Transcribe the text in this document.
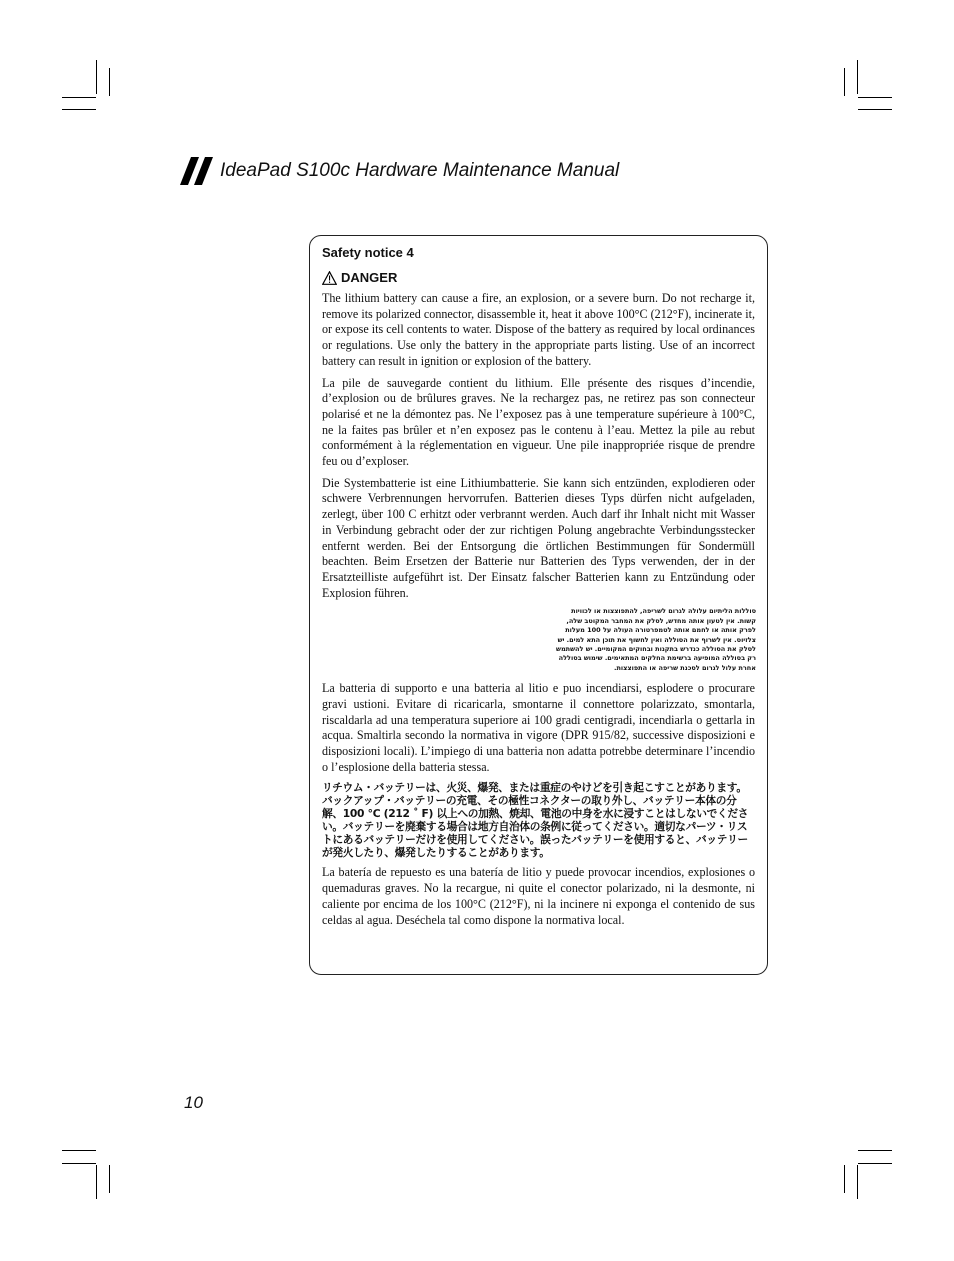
IdeaPad S100c Hardware Maintenance Manual
Safety notice 4
DANGER

The lithium battery can cause a fire, an explosion, or a severe burn. Do not recharge it, remove its polarized connector, disassemble it, heat it above 100°C (212°F), incinerate it, or expose its cell contents to water. Dispose of the battery as required by local ordinances or regulations. Use only the battery in the appropriate parts listing. Use of an incorrect battery can result in ignition or explosion of the battery.

La pile de sauvegarde contient du lithium. Elle présente des risques d’incendie, d’explosion ou de brûlures graves. Ne la rechargez pas, ne retirez pas son connecteur polarisé et ne la démontez pas. Ne l’exposez pas à une temperature supérieure à 100°C, ne la faites pas brûler et n’en exposez pas le contenu à l’eau. Mettez la pile au rebut conformément à la réglementation en vigueur. Une pile inappropriée risque de prendre feu ou d’exploser.

Die Systembatterie ist eine Lithiumbatterie. Sie kann sich entzünden, explodieren oder schwere Verbrennungen hervorrufen. Batterien dieses Typs dürfen nicht aufgeladen, zerlegt, über 100 C erhitzt oder verbrannt werden. Auch darf ihr Inhalt nicht mit Wasser in Verbindung gebracht oder der zur richtigen Polung angebrachte Verbindungsstecker entfernt werden. Bei der Entsorgung die örtlichen Bestimmungen für Sondermüll beachten. Beim Ersetzen der Batterie nur Batterien des Typs verwenden, der in der Ersatzteilliste aufgeführt ist. Der Einsatz falscher Batterien kann zu Entzündung oder Explosion führen.

סוללות הליתיום עלולה לגרום לשריפה, להתפוצצות או לכוויות קשות. אין לטעון אותה מחדש, לסלק את המחבר המקוטב שלה, לפרק אותה או לחמם אותה לטמפרטורה העולה על 100 מעלות צלזיוס. אין לשרוף את הסוללה ואין לחשוף את תוכן התא למים. יש לסלק את הסוללה כנדרש בתקנות ובחוקים המקומיים. יש להשתמש רק בסוללה המופיעה ברשימת החלקים המתאימים. שימוש בסוללה אחרת עלול לגרום לסכנת שריפה או התפוצצות.

La batteria di supporto e una batteria al litio e puo incendiarsi, esplodere o procurare gravi ustioni. Evitare di ricaricarla, smontarne il connettore polarizzato, smontarla, riscaldarla ad una temperatura superiore ai 100 gradi centigradi, incendiarla o gettarla in acqua. Smaltirla secondo la normativa in vigore (DPR 915/82, successive disposizioni e disposizioni locali). L’impiego di una batteria non adatta potrebbe determinare l’incendio o l’esplosione della batteria stessa.

リチウム・バッテリーは、火災、爆発、または重症のやけどを引き起こすことがあります。バックアップ・バッテリーの充電、その極性コネクターの取り外し、バッテリー本体の分解、100 ℃ (212 ˚ F) 以上への加熱、焼却、電池の中身を水に浸すことはしないでください。バッテリーを廃棄する場合は地方自治体の条例に従ってください。適切なパーツ・リストにあるバッテリーだけを使用してください。誤ったバッテリーを使用すると、バッテリーが発火したり、爆発したりすることがあります。

La batería de repuesto es una batería de litio y puede provocar incendios, explosiones o quemaduras graves. No la recargue, ni quite el conector polarizado, ni la desmonte, ni caliente por encima de los 100°C (212°F), ni la incinere ni exponga el contenido de sus celdas al agua. Deséchela tal como dispone la normativa local.

10
